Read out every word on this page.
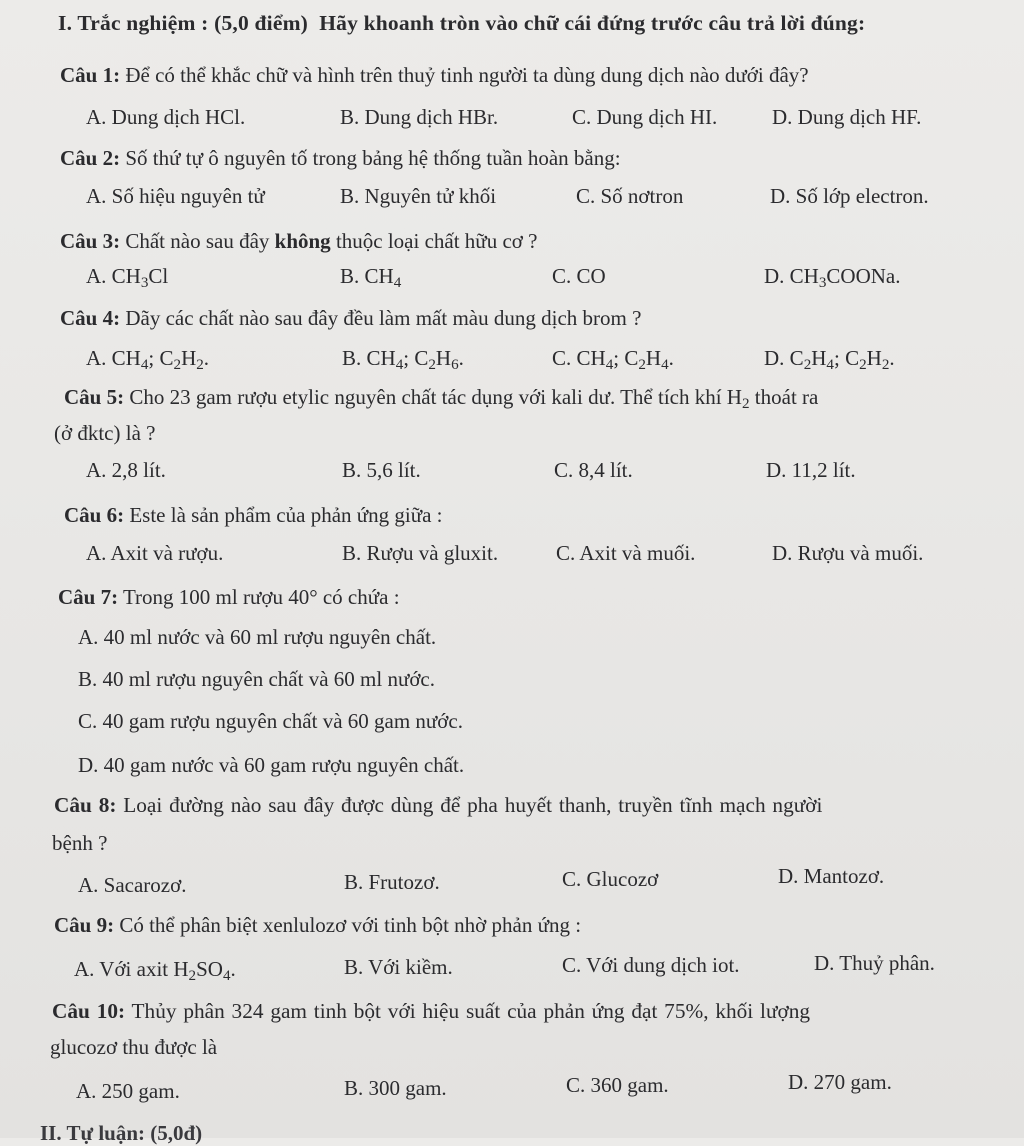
I. Trắc nghiệm : (5,0 điểm) Hãy khoanh tròn vào chữ cái đứng trước câu trả lời đúng:
Câu 1: Để có thể khắc chữ và hình trên thuỷ tinh người ta dùng dung dịch nào dưới đây?
A. Dung dịch HCl.	B. Dung dịch HBr.	C. Dung dịch HI.	D. Dung dịch HF.
Câu 2: Số thứ tự ô nguyên tố trong bảng hệ thống tuần hoàn bằng:
A. Số hiệu nguyên tử	B. Nguyên tử khối	C. Số nơtron	D. Số lớp electron.
Câu 3: Chất nào sau đây không thuộc loại chất hữu cơ ?
A. $CH_3Cl$	B. $CH_4$	C. CO	D. $CH_3COONa$.
Câu 4: Dãy các chất nào sau đây đều làm mất màu dung dịch brom ?
A. $CH_4$; $C_2H_2$.	B. $CH_4$; $C_2H_6$.	C. $CH_4$; $C_2H_4$.	D. $C_2H_4$; $C_2H_2$.
Câu 5: Cho 23 gam rượu etylic nguyên chất tác dụng với kali dư. Thể tích khí $H_2$ thoát ra
(ở đktc) là ?
A. 2,8 lít.	B. 5,6 lít.	C. 8,4 lít.	D. 11,2 lít.
Câu 6: Este là sản phẩm của phản ứng giữa :
A. Axit và rượu.	B. Rượu và gluxit.	C. Axit và muối.	D. Rượu và muối.
Câu 7: Trong 100 ml rượu 40° có chứa :
A. 40 ml nước và 60 ml rượu nguyên chất.
B. 40 ml rượu nguyên chất và 60 ml nước.
C. 40 gam rượu nguyên chất và 60 gam nước.
D. 40 gam nước và 60 gam rượu nguyên chất.
Câu 8: Loại đường nào sau đây được dùng để pha huyết thanh, truyền tĩnh mạch người
bệnh ?
A. Sacarozơ.	B. Frutozơ.	C. Glucozơ	D. Mantozơ.
Câu 9: Có thể phân biệt xenlulozơ với tinh bột nhờ phản ứng :
A. Với axit $H_2SO_4$.	B. Với kiềm.	C. Với dung dịch iot.	D. Thuỷ phân.
Câu 10: Thủy phân 324 gam tinh bột với hiệu suất của phản ứng đạt 75%, khối lượng
glucozơ thu được là
A. 250 gam.	B. 300 gam.	C. 360 gam.	D. 270 gam.
II. Tự luận: (5,0đ)
